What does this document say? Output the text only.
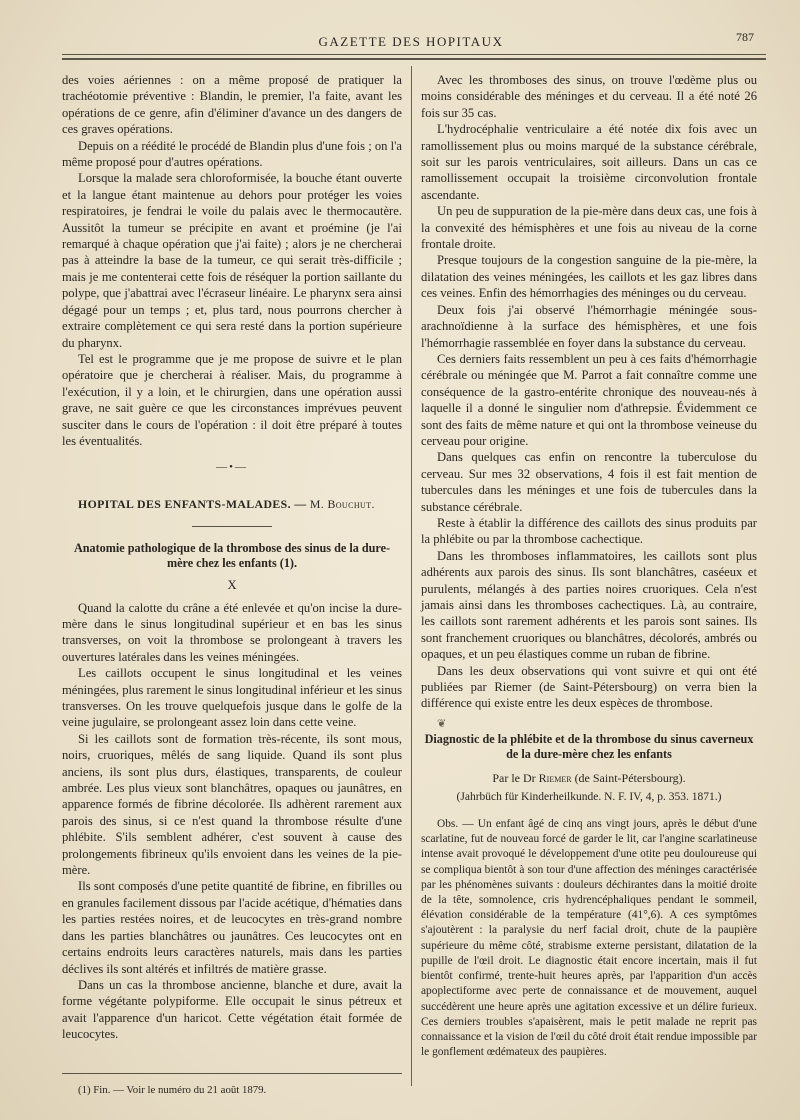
GAZETTE DES HOPITAUX	787

des voies aériennes : on a même proposé de pratiquer la trachéotomie préventive : Blandin, le premier, l'a faite, avant les opérations de ce genre, afin d'éliminer d'avance un des dangers de ces graves opérations.

Depuis on a réédité le procédé de Blandin plus d'une fois ; on l'a même proposé pour d'autres opérations.

Lorsque la malade sera chloroformisée, la bouche étant ouverte et la langue étant maintenue au dehors pour protéger les voies respiratoires, je fendrai le voile du palais avec le thermocautère. Aussitôt la tumeur se précipite en avant et proémine (je l'ai remarqué à chaque opération que j'ai faite) ; alors je ne chercherai pas à atteindre la base de la tumeur, ce qui serait très-difficile ; mais je me contenterai cette fois de réséquer la portion saillante du polype, que j'abattrai avec l'écraseur linéaire. Le pharynx sera ainsi dégagé pour un temps ; et, plus tard, nous pourrons chercher à extraire complètement ce qui sera resté dans la portion supérieure du pharynx.

Tel est le programme que je me propose de suivre et le plan opératoire que je chercherai à réaliser. Mais, du programme à l'exécution, il y a loin, et le chirurgien, dans une opération aussi grave, ne sait guère ce que les circonstances imprévues peuvent susciter dans le cours de l'opération : il doit être préparé à toutes les éventualités.

—•—
HOPITAL DES ENFANTS-MALADES. — M. Bouchut.
Anatomie pathologique de la thrombose des sinus de la dure-mère chez les enfants (1).
X

Quand la calotte du crâne a été enlevée et qu'on incise la dure-mère dans le sinus longitudinal supérieur et en bas les sinus transverses, on voit la thrombose se prolongeant à travers les ouvertures latérales dans les veines méningées.

Les caillots occupent le sinus longitudinal et les veines méningées, plus rarement le sinus longitudinal inférieur et les sinus transverses. On les trouve quelquefois jusque dans le golfe de la veine jugulaire, se prolongeant assez loin dans cette veine.

Si les caillots sont de formation très-récente, ils sont mous, noirs, cruoriques, mêlés de sang liquide. Quand ils sont plus anciens, ils sont plus durs, élastiques, transparents, de couleur ambrée. Les plus vieux sont blanchâtres, opaques ou jaunâtres, en apparence formés de fibrine décolorée. Ils adhèrent rarement aux parois des sinus, si ce n'est quand la thrombose résulte d'une phlébite. S'ils semblent adhérer, c'est souvent à cause des prolongements fibrineux qu'ils envoient dans les veines de la pie-mère.

Ils sont composés d'une petite quantité de fibrine, en fibrilles ou en granules facilement dissous par l'acide acétique, d'hématies dans les parties restées noires, et de leucocytes en très-grand nombre dans les parties blanchâtres ou jaunâtres. Ces leucocytes ont en certains endroits leurs caractères naturels, mais dans les parties déclives ils sont altérés et infiltrés de matière grasse.

Dans un cas la thrombose ancienne, blanche et dure, avait la forme végétante polypiforme. Elle occupait le sinus pétreux et avait l'apparence d'un haricot. Cette végétation était formée de leucocytes.

(1) Fin. — Voir le numéro du 21 août 1879.

Avec les thromboses des sinus, on trouve l'œdème plus ou moins considérable des méninges et du cerveau. Il a été noté 26 fois sur 35 cas.

L'hydrocéphalie ventriculaire a été notée dix fois avec un ramollissement plus ou moins marqué de la substance cérébrale, soit sur les parois ventriculaires, soit ailleurs. Dans un cas ce ramollissement occupait la troisième circonvolution frontale ascendante.

Un peu de suppuration de la pie-mère dans deux cas, une fois à la convexité des hémisphères et une fois au niveau de la corne frontale droite.

Presque toujours de la congestion sanguine de la pie-mère, la dilatation des veines méningées, les caillots et les gaz libres dans ces veines. Enfin des hémorrhagies des méninges ou du cerveau.

Deux fois j'ai observé l'hémorrhagie méningée sous-arachnoïdienne à la surface des hémisphères, et une fois l'hémorrhagie rassemblée en foyer dans la substance du cerveau.

Ces derniers faits ressemblent un peu à ces faits d'hémorrhagie cérébrale ou méningée que M. Parrot a fait connaître comme une conséquence de la gastro-entérite chronique des nouveau-nés à laquelle il a donné le singulier nom d'athrepsie. Évidemment ce sont des faits de même nature et qui ont la thrombose veineuse du cerveau pour origine.

Dans quelques cas enfin on rencontre la tuberculose du cerveau. Sur mes 32 observations, 4 fois il est fait mention de tubercules dans les méninges et une fois de tubercules dans la substance cérébrale.

Reste à établir la différence des caillots des sinus produits par la phlébite ou par la thrombose cachectique.

Dans les thromboses inflammatoires, les caillots sont plus adhérents aux parois des sinus. Ils sont blanchâtres, caséeux et purulents, mélangés à des parties noires cruoriques. Cela n'est jamais ainsi dans les thromboses cachectiques. Là, au contraire, les caillots sont rarement adhérents et les parois sont saines. Ils sont franchement cruoriques ou blanchâtres, décolorés, ambrés ou opaques, et un peu élastiques comme un ruban de fibrine.

Dans les deux observations qui vont suivre et qui ont été publiées par Riemer (de Saint-Pétersbourg) on verra bien la différence qui existe entre les deux espèces de thrombose.

❦
Diagnostic de la phlébite et de la thrombose du sinus caverneux de la dure-mère chez les enfants
Par le Dr Riemer (de Saint-Pétersbourg).
(Jahrbüch für Kinderheilkunde. N. F. IV, 4, p. 353. 1871.)

Obs. — Un enfant âgé de cinq ans vingt jours, après le début d'une scarlatine, fut de nouveau forcé de garder le lit, car l'angine scarlatineuse intense avait provoqué le développement d'une otite peu douloureuse qui se compliqua bientôt à son tour d'une affection des méninges caractérisée par les phénomènes suivants : douleurs déchirantes dans la moitié droite de la tête, somnolence, cris hydrencéphaliques pendant le sommeil, élévation considérable de la température (41°,6). A ces symptômes s'ajoutèrent : la paralysie du nerf facial droit, chute de la paupière supérieure du même côté, strabisme externe persistant, dilatation de la pupille de l'œil droit. Le diagnostic était encore incertain, mais il fut bientôt confirmé, trente-huit heures après, par l'apparition d'un accès apoplectiforme avec perte de connaissance et de mouvement, auquel succédèrent une heure après une agitation excessive et un délire furieux. Ces derniers troubles s'apaisèrent, mais le petit malade ne reprit pas connaissance et la vision de l'œil du côté droit était rendue impossible par le gonflement œdémateux des paupières.
